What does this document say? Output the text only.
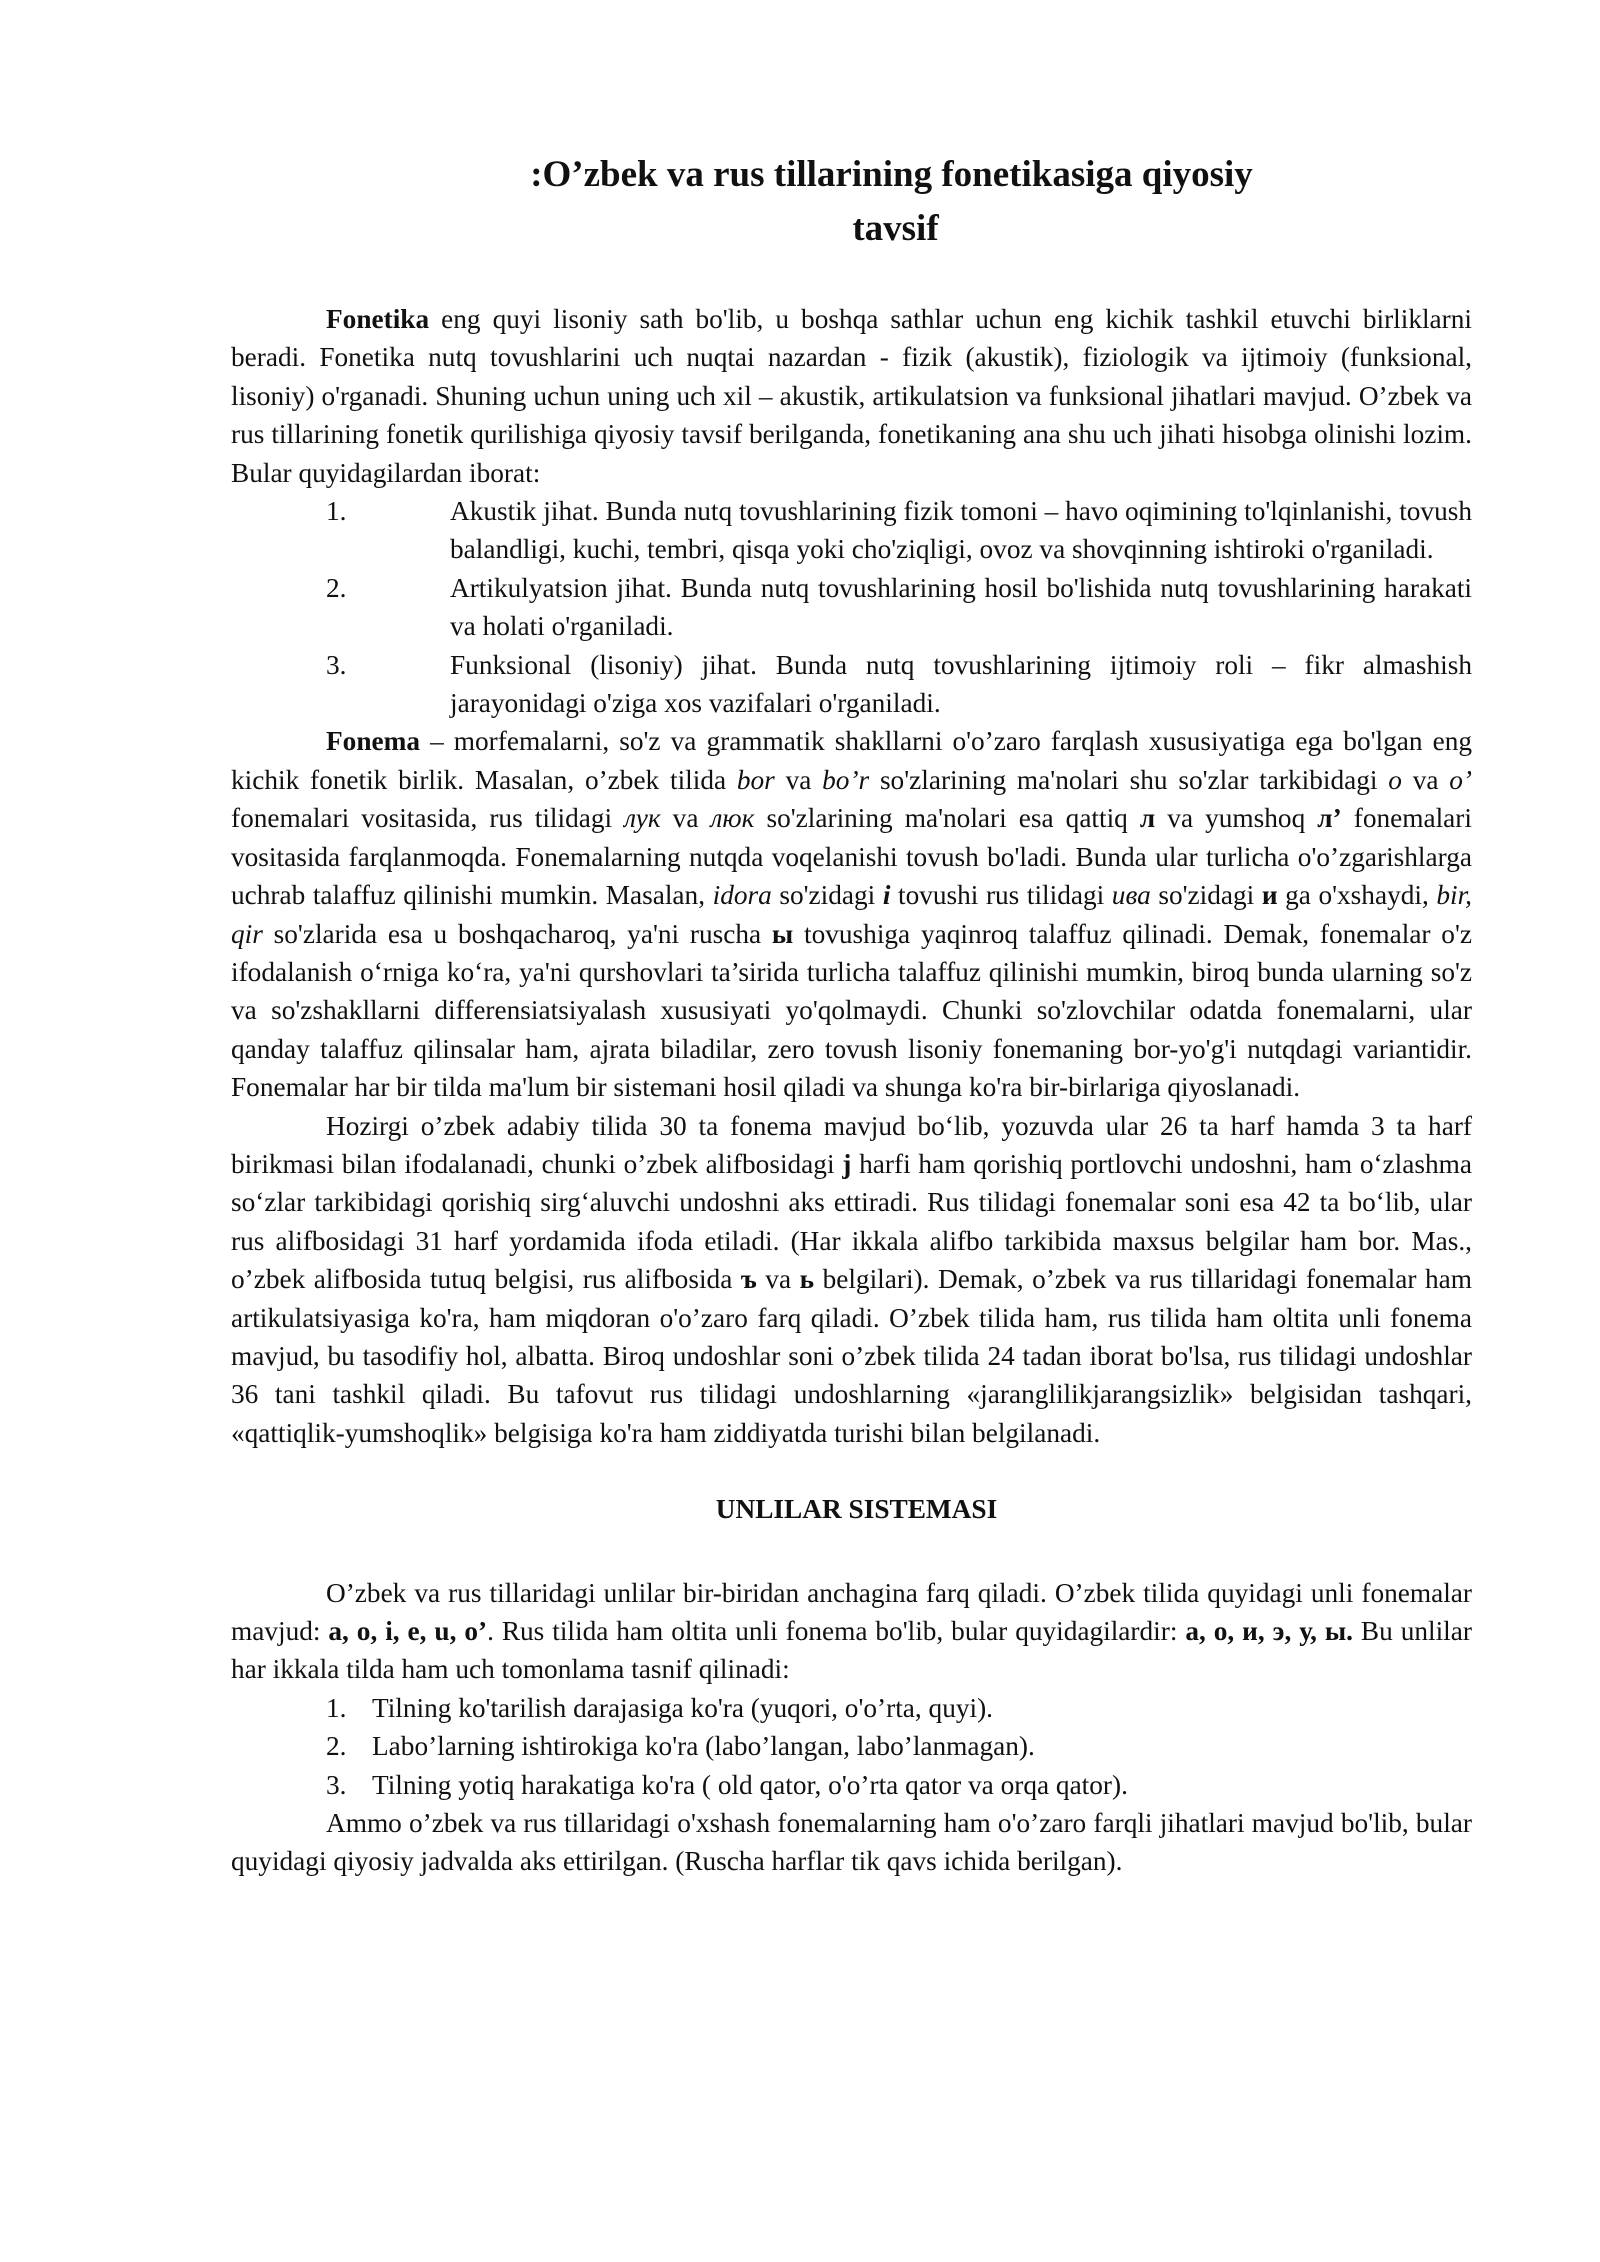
:O’zbek va rus tillarining fonetikasiga qiyosiy
tavsif

Fonetika eng quyi lisoniy sath bo'lib, u boshqa sathlar uchun eng kichik tashkil etuvchi birliklarni beradi. Fonetika nutq tovushlarini uch nuqtai nazardan - fizik (akustik), fiziologik va ijtimoiy (funksional, lisoniy) o'rganadi. Shuning uchun uning uch xil – akustik, artikulatsion va funksional jihatlari mavjud. O’zbek va rus tillarining fonetik qurilishiga qiyosiy tavsif berilganda, fonetikaning ana shu uch jihati hisobga olinishi lozim. Bular quyidagilardan iborat:

1.	Akustik jihat. Bunda nutq tovushlarining fizik tomoni – havo oqimining to'lqinlanishi, tovush balandligi, kuchi, tembri, qisqa yoki cho'ziqligi, ovoz va shovqinning ishtiroki o'rganiladi.
2.	Artikulyatsion jihat. Bunda nutq tovushlarining hosil bo'lishida nutq tovushlarining harakati va holati o'rganiladi.
3.	Funksional (lisoniy) jihat. Bunda nutq tovushlarining ijtimoiy roli – fikr almashish jarayonidagi o'ziga xos vazifalari o'rganiladi.

Fonema – morfemalarni, so'z va grammatik shakllarni o'o’zaro farqlash xususiyatiga ega bo'lgan eng kichik fonetik birlik. Masalan, o’zbek tilida bor va bo’r so'zlarining ma'nolari shu so'zlar tarkibidagi o va o’ fonemalari vositasida, rus tilidagi лук va люк so'zlarining ma'nolari esa qattiq л va yumshoq л’ fonemalari vositasida farqlanmoqda. Fonemalarning nutqda voqelanishi tovush bo'ladi. Bunda ular turlicha o'o’zgarishlarga uchrab talaffuz qilinishi mumkin. Masalan, idora so'zidagi i tovushi rus tilidagi ива so'zidagi и ga o'xshaydi, bir, qir so'zlarida esa u boshqacharoq, ya'ni ruscha ы tovushiga yaqinroq talaffuz qilinadi. Demak, fonemalar o'z ifodalanish o‘rniga ko‘ra, ya'ni qurshovlari ta’sirida turlicha talaffuz qilinishi mumkin, biroq bunda ularning so'z va so'zshakllarni differensiatsiyalash xususiyati yo'qolmaydi. Chunki so'zlovchilar odatda fonemalarni, ular qanday talaffuz qilinsalar ham, ajrata biladilar, zero tovush lisoniy fonemaning bor-yo'g'i nutqdagi variantidir. Fonemalar har bir tilda ma'lum bir sistemani hosil qiladi va shunga ko'ra bir-birlariga qiyoslanadi.

Hozirgi o’zbek adabiy tilida 30 ta fonema mavjud bo‘lib, yozuvda ular 26 ta harf hamda 3 ta harf birikmasi bilan ifodalanadi, chunki o’zbek alifbosidagi j harfi ham qorishiq portlovchi undoshni, ham o‘zlashma so‘zlar tarkibidagi qorishiq sirg‘aluvchi undoshni aks ettiradi. Rus tilidagi fonemalar soni esa 42 ta bo‘lib, ular rus alifbosidagi 31 harf yordamida ifoda etiladi. (Har ikkala alifbo tarkibida maxsus belgilar ham bor. Mas., o’zbek alifbosida tutuq belgisi, rus alifbosida ъ va ь belgilari). Demak, o’zbek va rus tillaridagi fonemalar ham artikulatsiyasiga ko'ra, ham miqdoran o'o’zaro farq qiladi. O’zbek tilida ham, rus tilida ham oltita unli fonema mavjud, bu tasodifiy hol, albatta. Biroq undoshlar soni o’zbek tilida 24 tadan iborat bo'lsa, rus tilidagi undoshlar 36 tani tashkil qiladi. Bu tafovut rus tilidagi undoshlarning «jaranglilikjarangsizlik» belgisidan tashqari, «qattiqlik-yumshoqlik» belgisiga ko'ra ham ziddiyatda turishi bilan belgilanadi.

UNLILAR SISTEMASI

O’zbek va rus tillaridagi unlilar bir-biridan anchagina farq qiladi. O’zbek tilida quyidagi unli fonemalar mavjud: a, o, i, e, u, o’. Rus tilida ham oltita unli fonema bo'lib, bular quyidagilardir: а, о, и, э, у, ы. Bu unlilar har ikkala tilda ham uch tomonlama tasnif qilinadi:

1. Tilning ko'tarilish darajasiga ko'ra (yuqori, o'o’rta, quyi).
2. Labo’larning ishtirokiga ko'ra (labo’langan, labo’lanmagan).
3. Tilning yotiq harakatiga ko'ra ( old qator, o'o’rta qator va orqa qator).

Ammo o’zbek va rus tillaridagi o'xshash fonemalarning ham o'o’zaro farqli jihatlari mavjud bo'lib, bular quyidagi qiyosiy jadvalda aks ettirilgan. (Ruscha harflar tik qavs ichida berilgan).
